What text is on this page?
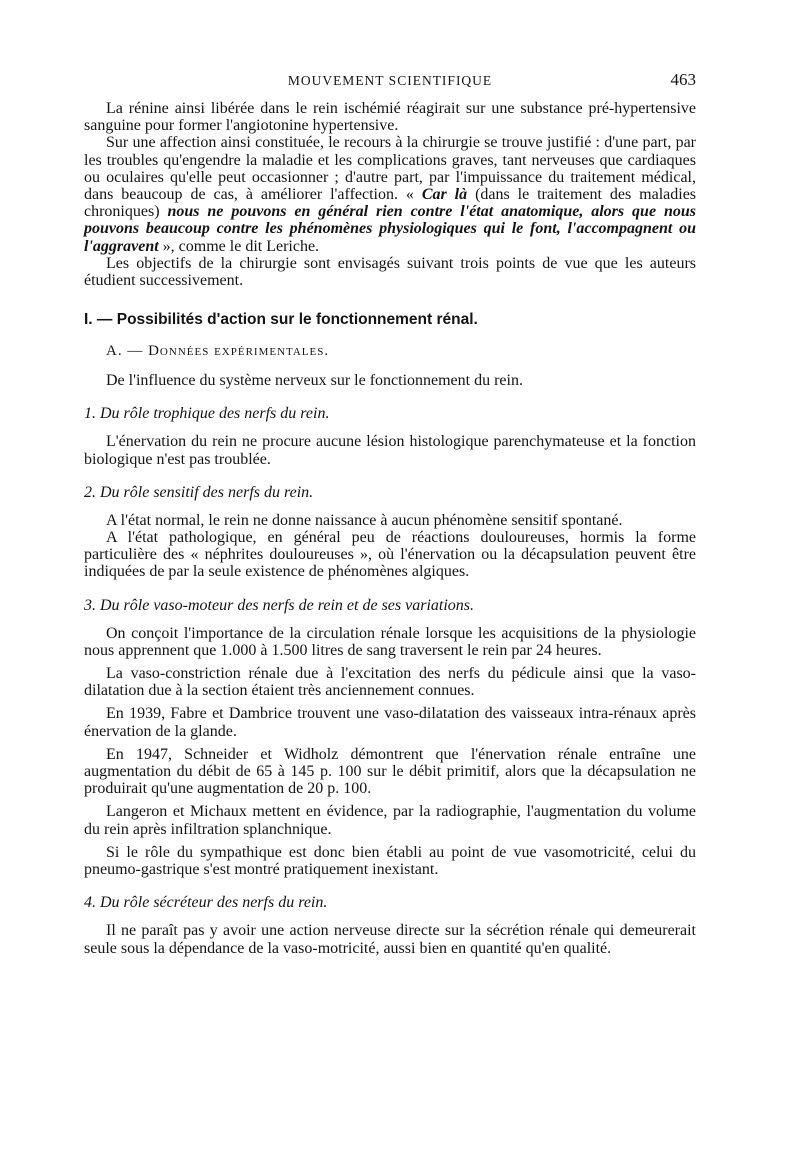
MOUVEMENT SCIENTIFIQUE	463

La rénine ainsi libérée dans le rein ischémié réagirait sur une substance pré-hypertensive sanguine pour former l'angiotonine hypertensive.

Sur une affection ainsi constituée, le recours à la chirurgie se trouve justifié : d'une part, par les troubles qu'engendre la maladie et les complications graves, tant nerveuses que cardiaques ou oculaires qu'elle peut occasionner ; d'autre part, par l'impuissance du traitement médical, dans beaucoup de cas, à améliorer l'affection. « Car là (dans le traitement des maladies chroniques) nous ne pouvons en général rien contre l'état anatomique, alors que nous pouvons beaucoup contre les phénomènes physiologiques qui le font, l'accompagnent ou l'aggravent », comme le dit Leriche.

Les objectifs de la chirurgie sont envisagés suivant trois points de vue que les auteurs étudient successivement.

I. — Possibilités d'action sur le fonctionnement rénal.
A. — Données expérimentales.

De l'influence du système nerveux sur le fonctionnement du rein.

1. Du rôle trophique des nerfs du rein.

L'énervation du rein ne procure aucune lésion histologique parenchymateuse et la fonction biologique n'est pas troublée.

2. Du rôle sensitif des nerfs du rein.

A l'état normal, le rein ne donne naissance à aucun phénomène sensitif spontané.

A l'état pathologique, en général peu de réactions douloureuses, hormis la forme particulière des « néphrites douloureuses », où l'énervation ou la décapsulation peuvent être indiquées de par la seule existence de phénomènes algiques.

3. Du rôle vaso-moteur des nerfs de rein et de ses variations.

On conçoit l'importance de la circulation rénale lorsque les acquisitions de la physiologie nous apprennent que 1.000 à 1.500 litres de sang traversent le rein par 24 heures.

La vaso-constriction rénale due à l'excitation des nerfs du pédicule ainsi que la vaso-dilatation due à la section étaient très anciennement connues.

En 1939, Fabre et Dambrice trouvent une vaso-dilatation des vaisseaux intra-rénaux après énervation de la glande.

En 1947, Schneider et Widholz démontrent que l'énervation rénale entraîne une augmentation du débit de 65 à 145 p. 100 sur le débit primitif, alors que la décapsulation ne produirait qu'une augmentation de 20 p. 100.

Langeron et Michaux mettent en évidence, par la radiographie, l'augmentation du volume du rein après infiltration splanchnique.

Si le rôle du sympathique est donc bien établi au point de vue vasomotricité, celui du pneumo-gastrique s'est montré pratiquement inexistant.

4. Du rôle sécréteur des nerfs du rein.

Il ne paraît pas y avoir une action nerveuse directe sur la sécrétion rénale qui demeurerait seule sous la dépendance de la vaso-motricité, aussi bien en quantité qu'en qualité.
